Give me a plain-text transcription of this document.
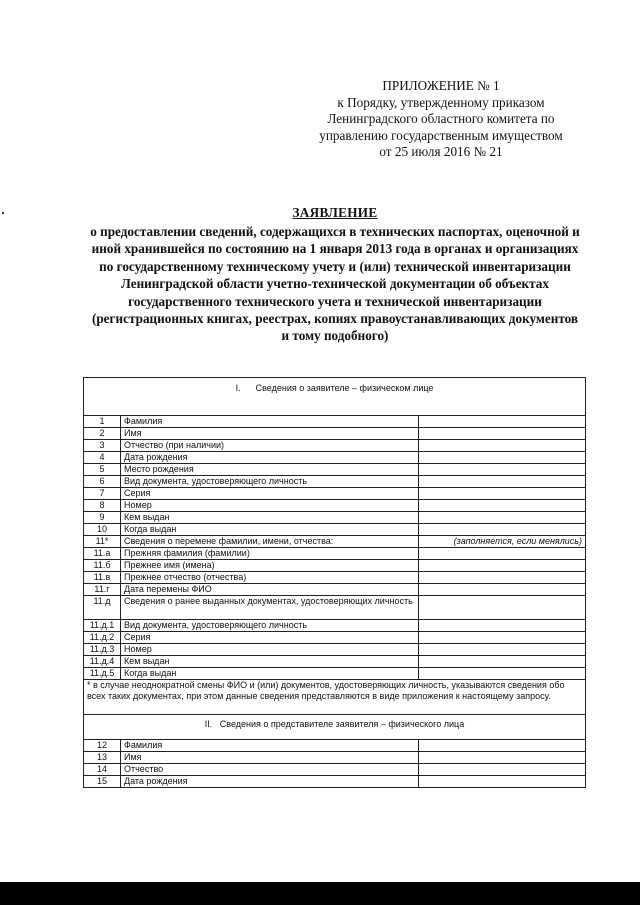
ПРИЛОЖЕНИЕ № 1
к Порядку, утвержденному приказом
Ленинградского областного комитета по
управлению государственным имуществом
от 25 июля 2016 № 21
ЗАЯВЛЕНИЕ
о предоставлении сведений, содержащихся в технических паспортах, оценочной и иной хранившейся по состоянию на 1 января 2013 года в органах и организациях по государственному техническому учету и (или) технической инвентаризации Ленинградской области учетно-технической документации об объектах государственного технического учета и технической инвентаризации (регистрационных книгах, реестрах, копиях правоустанавливающих документов и тому подобного)
I.      Сведения о заявителе – физическом лице		
1	Фамилия	
2	Имя	
3	Отчество (при наличии)	
4	Дата рождения	
5	Место рождения	
6	Вид документа, удостоверяющего личность	
7	Серия	
8	Номер	
9	Кем выдан	
10	Когда выдан	
11*	Сведения о перемене фамилии, имени, отчества:	(заполняется, если менялись)
11.а	Прежняя фамилия (фамилии)	
11.б	Прежнее имя (имена)	
11.в	Прежнее отчество (отчества)	
11.г	Дата перемены ФИО	
11.д	Сведения о ранее выданных документах, удостоверяющих личность	
11.д.1	Вид документа, удостоверяющего личность	
11.д.2	Серия	
11.д.3	Номер	
11.д.4	Кем выдан	
11.д.5	Когда выдан	
* в случае неоднократной смены ФИО и (или) документов, удостоверяющих личность, указываются сведения обо всех таких документах, при этом данные сведения представляются в виде приложения к настоящему запросу.		
II.   Сведения о представителе заявителя – физического лица		
12	Фамилия	
13	Имя	
14	Отчество	
15	Дата рождения	
